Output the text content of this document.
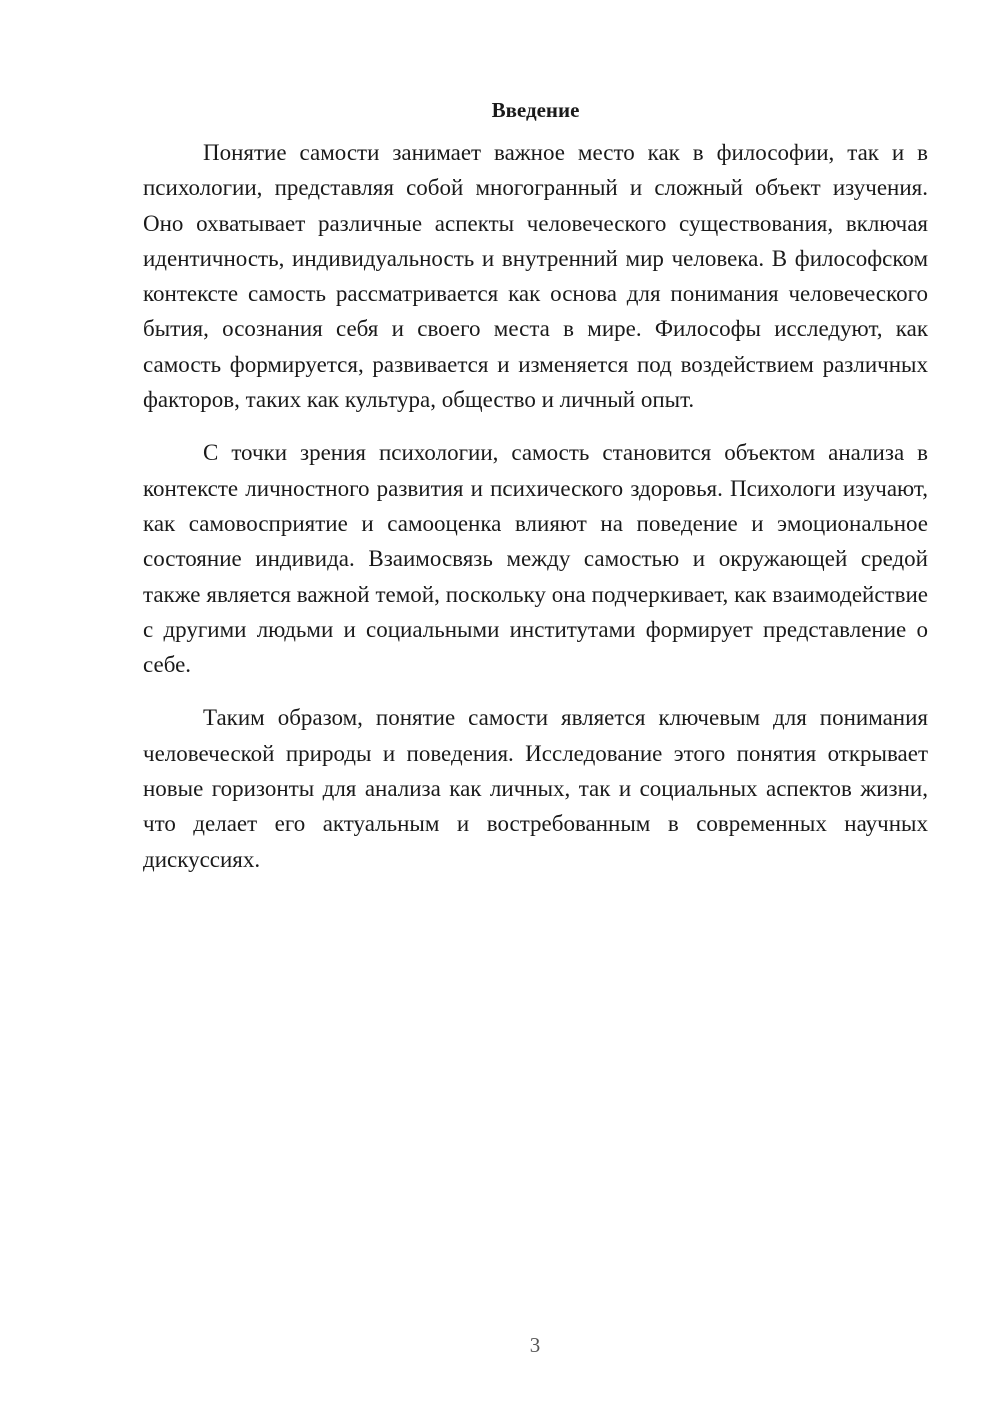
Введение

Понятие самости занимает важное место как в философии, так и в психологии, представляя собой многогранный и сложный объект изучения. Оно охватывает различные аспекты человеческого существования, включая идентичность, индивидуальность и внутренний мир человека. В философском контексте самость рассматривается как основа для понимания человеческого бытия, осознания себя и своего места в мире. Философы исследуют, как самость формируется, развивается и изменяется под воздействием различных факторов, таких как культура, общество и личный опыт.

С точки зрения психологии, самость становится объектом анализа в контексте личностного развития и психического здоровья. Психологи изучают, как самовосприятие и самооценка влияют на поведение и эмоциональное состояние индивида. Взаимосвязь между самостью и окружающей средой также является важной темой, поскольку она подчеркивает, как взаимодействие с другими людьми и социальными институтами формирует представление о себе.

Таким образом, понятие самости является ключевым для понимания человеческой природы и поведения. Исследование этого понятия открывает новые горизонты для анализа как личных, так и социальных аспектов жизни, что делает его актуальным и востребованным в современных научных дискуссиях.

3
